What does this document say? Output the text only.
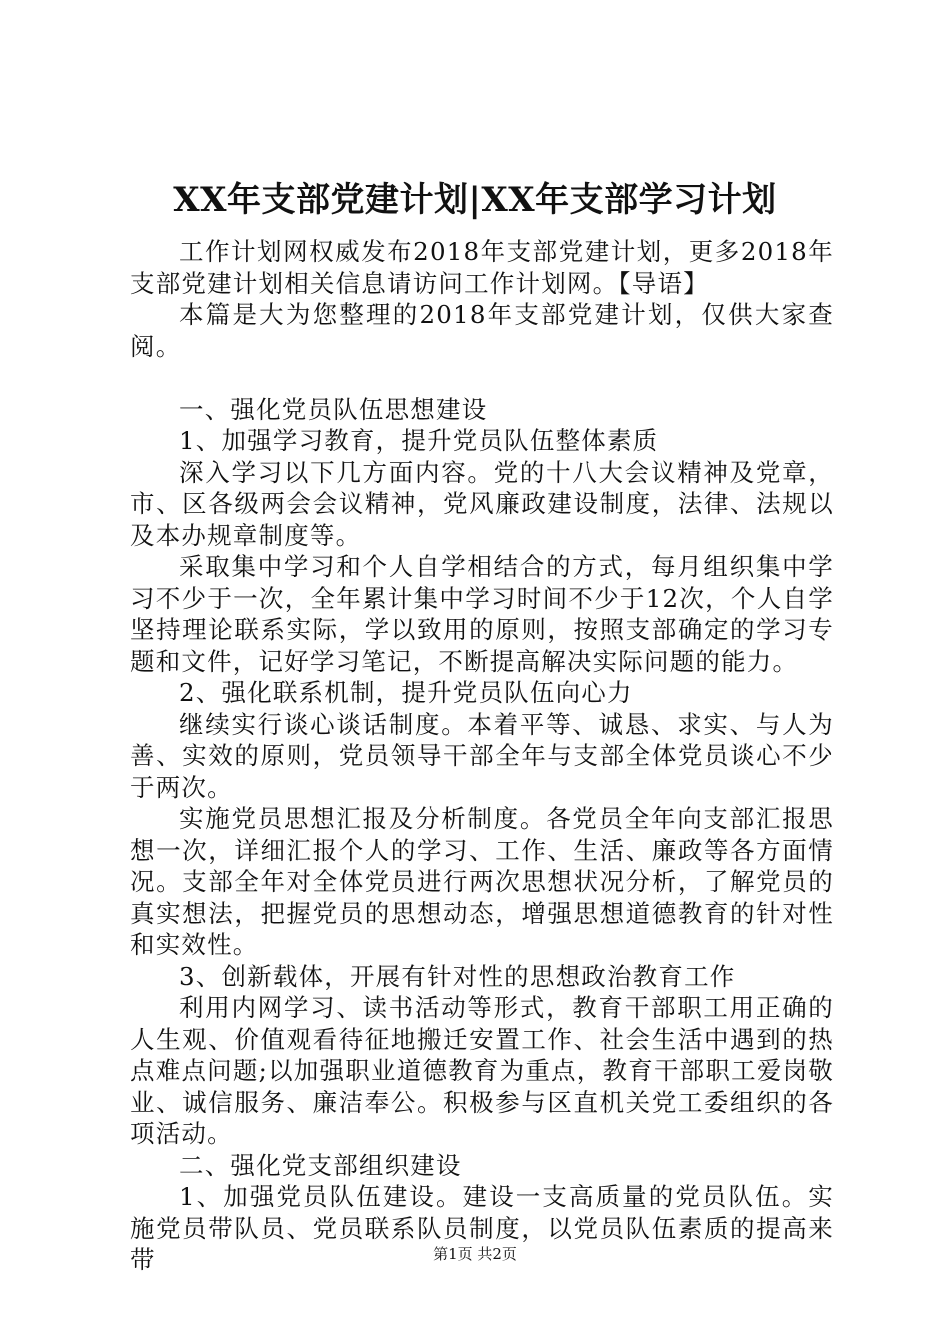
XX年支部党建计划|XX年支部学习计划

工作计划网权威发布2018年支部党建计划，更多2018年支部党建计划相关信息请访问工作计划网。【导语】

本篇是大为您整理的2018年支部党建计划，仅供大家查阅。

一、强化党员队伍思想建设

1、加强学习教育，提升党员队伍整体素质

深入学习以下几方面内容。党的十八大会议精神及党章，市、区各级两会会议精神，党风廉政建设制度，法律、法规以及本办规章制度等。

采取集中学习和个人自学相结合的方式，每月组织集中学习不少于一次，全年累计集中学习时间不少于12次，个人自学坚持理论联系实际，学以致用的原则，按照支部确定的学习专题和文件，记好学习笔记，不断提高解决实际问题的能力。

2、强化联系机制，提升党员队伍向心力

继续实行谈心谈话制度。本着平等、诚恳、求实、与人为善、实效的原则，党员领导干部全年与支部全体党员谈心不少于两次。

实施党员思想汇报及分析制度。各党员全年向支部汇报思想一次，详细汇报个人的学习、工作、生活、廉政等各方面情况。支部全年对全体党员进行两次思想状况分析，了解党员的真实想法，把握党员的思想动态，增强思想道德教育的针对性和实效性。

3、创新载体，开展有针对性的思想政治教育工作

利用内网学习、读书活动等形式，教育干部职工用正确的人生观、价值观看待征地搬迁安置工作、社会生活中遇到的热点难点问题;以加强职业道德教育为重点，教育干部职工爱岗敬业、诚信服务、廉洁奉公。积极参与区直机关党工委组织的各项活动。

二、强化党支部组织建设

1、加强党员队伍建设。建设一支高质量的党员队伍。实施党员带队员、党员联系队员制度，以党员队伍素质的提高来带	第1页 共2页
